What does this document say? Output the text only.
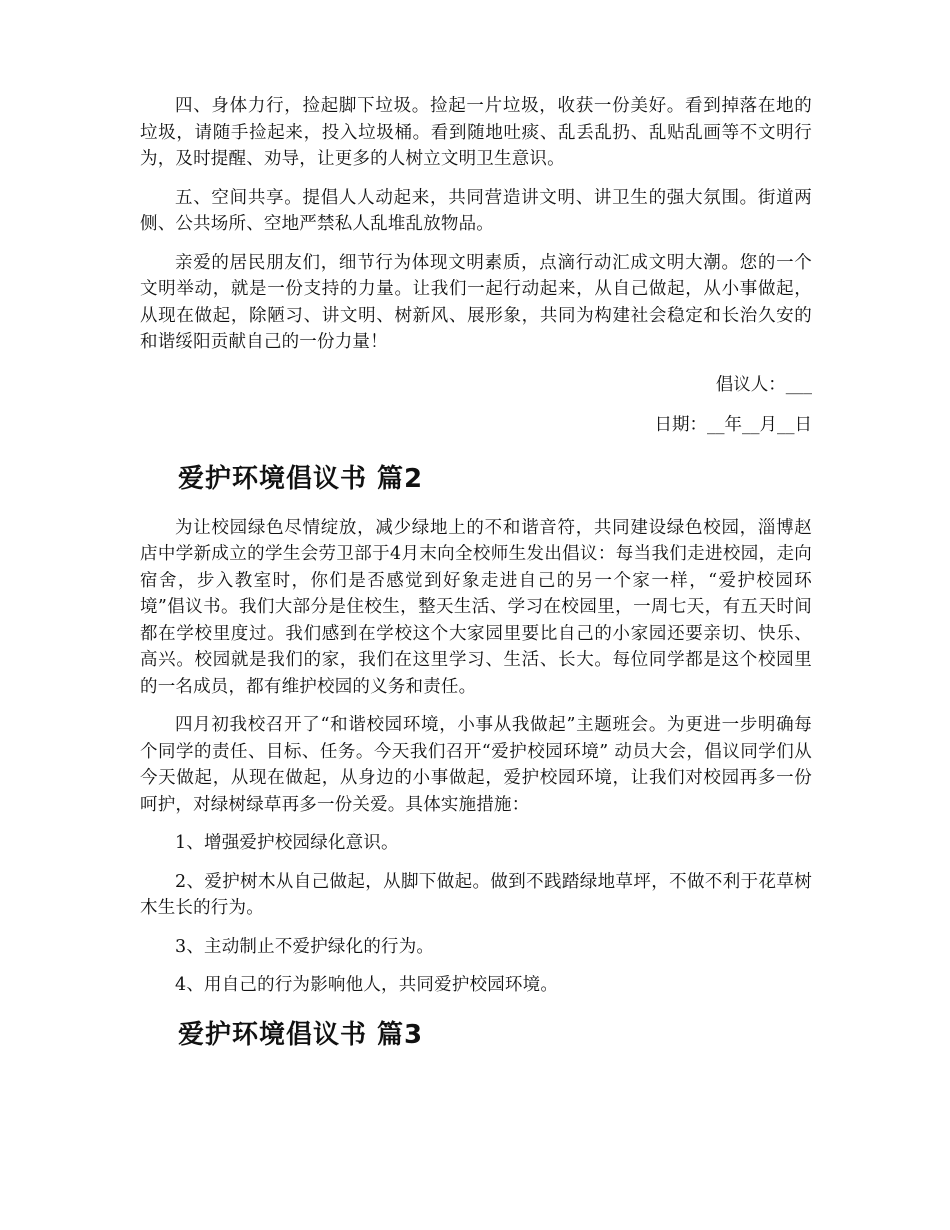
四、身体力行，捡起脚下垃圾。捡起一片垃圾，收获一份美好。看到掉落在地的垃圾，请随手捡起来，投入垃圾桶。看到随地吐痰、乱丢乱扔、乱贴乱画等不文明行为，及时提醒、劝导，让更多的人树立文明卫生意识。

五、空间共享。提倡人人动起来，共同营造讲文明、讲卫生的强大氛围。街道两侧、公共场所、空地严禁私人乱堆乱放物品。

亲爱的居民朋友们，细节行为体现文明素质，点滴行动汇成文明大潮。您的一个文明举动，就是一份支持的力量。让我们一起行动起来，从自己做起，从小事做起，从现在做起，除陋习、讲文明、树新风、展形象，共同为构建社会稳定和长治久安的和谐绥阳贡献自己的一份力量！

倡议人：___

日期：__年__月__日

爱护环境倡议书 篇2

为让校园绿色尽情绽放，减少绿地上的不和谐音符，共同建设绿色校园，淄博赵店中学新成立的学生会劳卫部于4月末向全校师生发出倡议：每当我们走进校园，走向宿舍，步入教室时，你们是否感觉到好象走进自己的另一个家一样，“爱护校园环境”倡议书。我们大部分是住校生，整天生活、学习在校园里，一周七天，有五天时间都在学校里度过。我们感到在学校这个大家园里要比自己的小家园还要亲切、快乐、高兴。校园就是我们的家，我们在这里学习、生活、长大。每位同学都是这个校园里的一名成员，都有维护校园的义务和责任。

四月初我校召开了“和谐校园环境，小事从我做起”主题班会。为更进一步明确每个同学的责任、目标、任务。今天我们召开“爱护校园环境” 动员大会，倡议同学们从今天做起，从现在做起，从身边的小事做起，爱护校园环境，让我们对校园再多一份呵护，对绿树绿草再多一份关爱。具体实施措施：

1、增强爱护校园绿化意识。

2、爱护树木从自己做起，从脚下做起。做到不践踏绿地草坪，不做不利于花草树木生长的行为。

3、主动制止不爱护绿化的行为。

4、用自己的行为影响他人，共同爱护校园环境。

爱护环境倡议书 篇3
